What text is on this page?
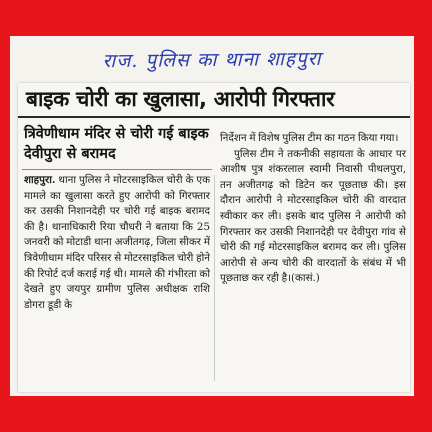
राज. पुलिस का थाना शाहपुरा
बाइक चोरी का खुलासा, आरोपी गिरफ्तार
त्रिवेणीधाम मंदिर से चोरी गई बाइक देवीपुरा से बरामद

शाहपुरा. थाना पुलिस ने मोटरसाइकिल चोरी के एक मामले का खुलासा करते हुए आरोपी को गिरफ्तार कर उसकी निशानदेही पर चोरी गई बाइक बरामद की है। थानाधिकारी रिया चौधरी ने बताया कि 25 जनवरी को मोटाडी थाना अजीतगढ़, जिला सीकर में त्रिवेणीधाम मंदिर परिसर से मोटरसाइकिल चोरी होने की रिपोर्ट दर्ज कराई गई थी। मामले की गंभीरता को देखते हुए जयपुर ग्रामीण पुलिस अधीक्षक राशि डोगरा डूडी के

निर्देशन में विशेष पुलिस टीम का गठन किया गया।

पुलिस टीम ने तकनीकी सहायता के आधार पर आशीष पुत्र शंकरलाल स्वामी निवासी पीथलपुरा, तन अजीतगढ़ को डिटेन कर पूछताछ की। इस दौरान आरोपी ने मोटरसाइकिल चोरी की वारदात स्वीकार कर ली। इसके बाद पुलिस ने आरोपी को गिरफ्तार कर उसकी निशानदेही पर देवीपुरा गांव से चोरी की गई मोटरसाइकिल बरामद कर ली। पुलिस आरोपी से अन्य चोरी की वारदातों के संबंध में भी पूछताछ कर रही है।(कासं.)
